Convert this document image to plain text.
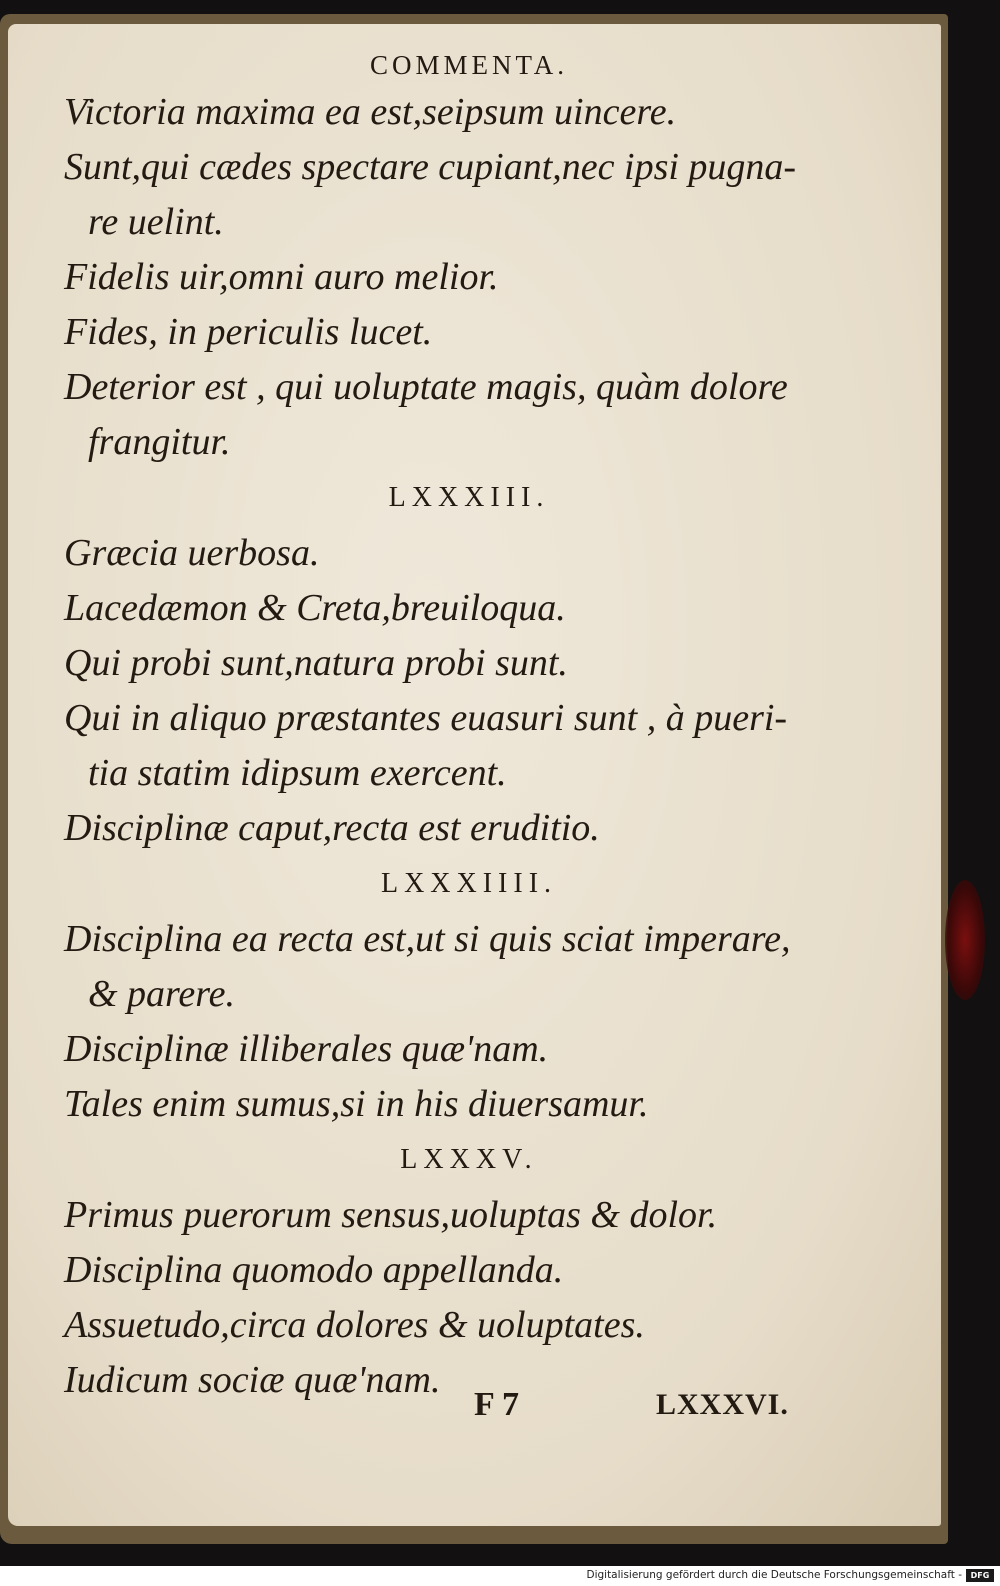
COMMENTA.
Victoria maxima ea est,seipsum uincere.
Sunt,qui cædes spectare cupiant,nec ipsi pugna-
re uelint.
Fidelis uir,omni auro melior.
Fides, in periculis lucet.
Deterior est , qui uoluptate magis, quàm dolore
frangitur.
LXXXIII.
Græcia uerbosa.
Lacedæmon & Creta,breuiloqua.
Qui probi sunt,natura probi sunt.
Qui in aliquo præstantes euasuri sunt , à pueri-
tia statim idipsum exercent.
Disciplinæ caput,recta est eruditio.
LXXXIIII.
Disciplina ea recta est,ut si quis sciat imperare,
& parere.
Disciplinæ illiberales quæ'nam.
Tales enim sumus,si in his diuersamur.
LXXXV.
Primus puerorum sensus,uoluptas & dolor.
Disciplina quomodo appellanda.
Assuetudo,circa dolores & uoluptates.
Iudicum sociæ quæ'nam.
F 7	LXXXVI.
Digitalisierung gefördert durch die Deutsche Forschungsgemeinschaft -	DFG
